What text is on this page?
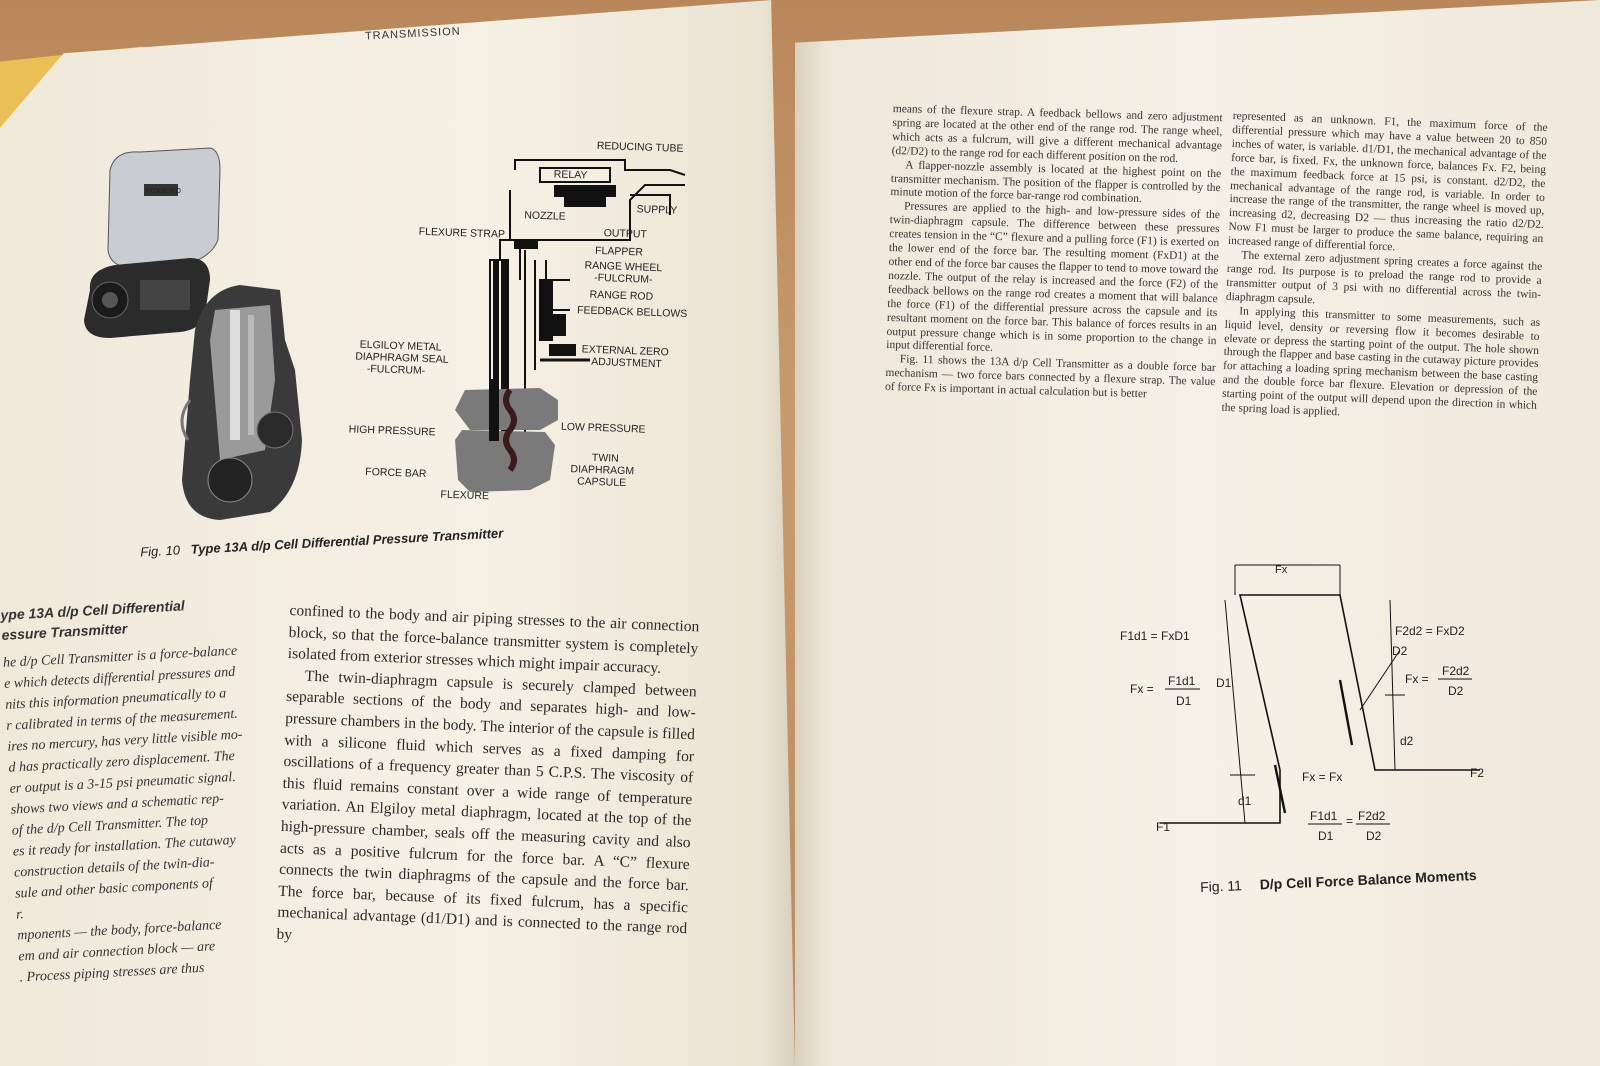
TRANSMISSION
FOXBORO
REDUCING TUBE
RELAY
SUPPLY
NOZZLE
OUTPUT
FLEXURE STRAP
FLAPPER
RANGE WHEEL
-FULCRUM-
RANGE ROD
FEEDBACK BELLOWS
ELGILOY METAL
DIAPHRAGM SEAL
-FULCRUM-
EXTERNAL ZERO
ADJUSTMENT
HIGH PRESSURE	LOW PRESSURE
FORCE BAR
TWIN
DIAPHRAGM
CAPSULE
FLEXURE
Fig. 10 Type 13A d/p Cell Differential Pressure Transmitter
ype 13A d/p Cell Differential
essure Transmitter

he d/p Cell Transmitter is a force-balance
e which detects differential pressures and
nits this information pneumatically to a
r calibrated in terms of the measurement.
ires no mercury, has very little visible mo-
d has practically zero displacement. The
er output is a 3-15 psi pneumatic signal.
shows two views and a schematic rep-
of the d/p Cell Transmitter. The top
es it ready for installation. The cutaway
construction details of the twin-dia-
sule and other basic components of
r.
mponents — the body, force-balance
em and air connection block — are
. Process piping stresses are thus

confined to the body and air piping stresses to the air connection block, so that the force-balance transmitter system is completely isolated from exterior stresses which might impair accuracy.

The twin-diaphragm capsule is securely clamped between separable sections of the body and separates high- and low-pressure chambers in the body. The interior of the capsule is filled with a silicone fluid which serves as a fixed damping for oscillations of a frequency greater than 5 C.P.S. The viscosity of this fluid remains constant over a wide range of temperature variation. An Elgiloy metal diaphragm, located at the top of the high-pressure chamber, seals off the measuring cavity and also acts as a positive fulcrum for the force bar. A “C” flexure connects the twin diaphragms of the capsule and the force bar. The force bar, because of its fixed fulcrum, has a specific mechanical advantage (d1/D1) and is connected to the range rod by

means of the flexure strap. A feedback bellows and zero adjustment spring are located at the other end of the range rod. The range wheel, which acts as a fulcrum, will give a different mechanical advantage (d2/D2) to the range rod for each different position on the rod.

A flapper-nozzle assembly is located at the highest point on the transmitter mechanism. The position of the flapper is controlled by the minute motion of the force bar-range rod combination.

Pressures are applied to the high- and low-pressure sides of the twin-diaphragm capsule. The difference between these pressures creates tension in the “C” flexure and a pulling force (F1) is exerted on the lower end of the force bar. The resulting moment (FxD1) at the other end of the force bar causes the flapper to tend to move toward the nozzle. The output of the relay is increased and the force (F2) of the feedback bellows on the range rod creates a moment that will balance the force (F1) of the differential pressure across the capsule and its resultant moment on the force bar. This balance of forces results in an output pressure change which is in some proportion to the change in input differential force.

Fig. 11 shows the 13A d/p Cell Transmitter as a double force bar mechanism — two force bars connected by a flexure strap. The value of force Fx is important in actual calculation but is better

represented as an unknown. F1, the maximum force of the differential pressure which may have a value between 20 to 850 inches of water, is variable. d1/D1, the mechanical advantage of the force bar, is fixed. Fx, the unknown force, balances Fx. F2, being the maximum feedback force at 15 psi, is constant. d2/D2, the mechanical advantage of the range rod, is variable. In order to increase the range of the transmitter, the range wheel is moved up, increasing d2, decreasing D2 — thus increasing the ratio d2/D2. Now F1 must be larger to produce the same balance, requiring an increased range of differential force.

The external zero adjustment spring creates a force against the range rod. Its purpose is to preload the range rod to provide a transmitter output of 3 psi with no differential across the twin-diaphragm capsule.

In applying this transmitter to some measurements, such as liquid level, density or reversing flow it becomes desirable to elevate or depress the starting point of the output. The hole shown through the flapper and base casting in the cutaway picture provides for attaching a loading spring mechanism between the base casting and the double force bar flexure. Elevation or depression of the starting point of the output will depend upon the direction in which the spring load is applied.

Fx
F1d1 = FxD1
Fx =
F1d1
D1
F2d2 = FxD2
Fx =
F2d2
D2
D1
D2
d1
d2
Fx = Fx
F1
F2
F1d1
D1
= F2d2
D2
Fig. 11 D/p Cell Force Balance Moments
